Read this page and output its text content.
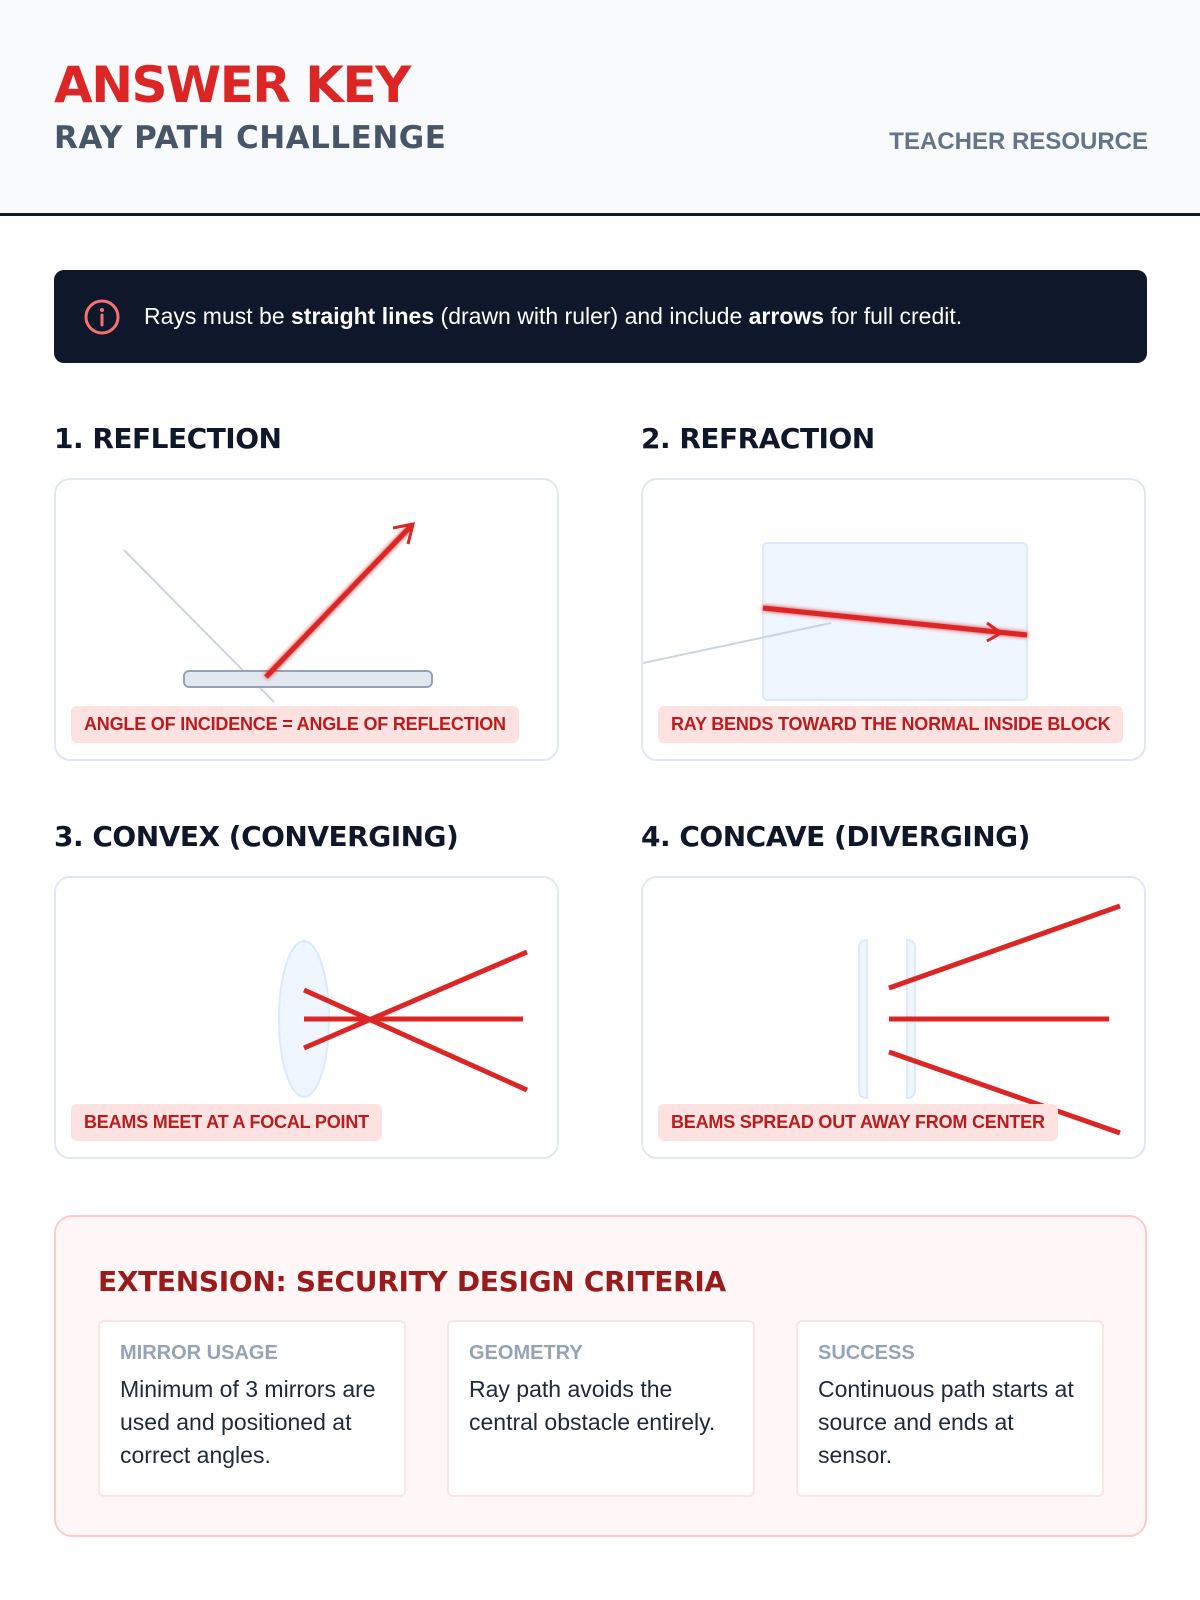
ANSWER KEY
RAY PATH CHALLENGE	TEACHER RESOURCE
Rays must be straight lines (drawn with ruler) and include arrows for full credit.
1. REFLECTION
ANGLE OF INCIDENCE = ANGLE OF REFLECTION
2. REFRACTION
RAY BENDS TOWARD THE NORMAL INSIDE BLOCK
3. CONVEX (CONVERGING)
BEAMS MEET AT A FOCAL POINT
4. CONCAVE (DIVERGING)
BEAMS SPREAD OUT AWAY FROM CENTER
EXTENSION: SECURITY DESIGN CRITERIA
MIRROR USAGE
Minimum of 3 mirrors are used and positioned at correct angles.
GEOMETRY
Ray path avoids the central obstacle entirely.
SUCCESS
Continuous path starts at source and ends at sensor.
